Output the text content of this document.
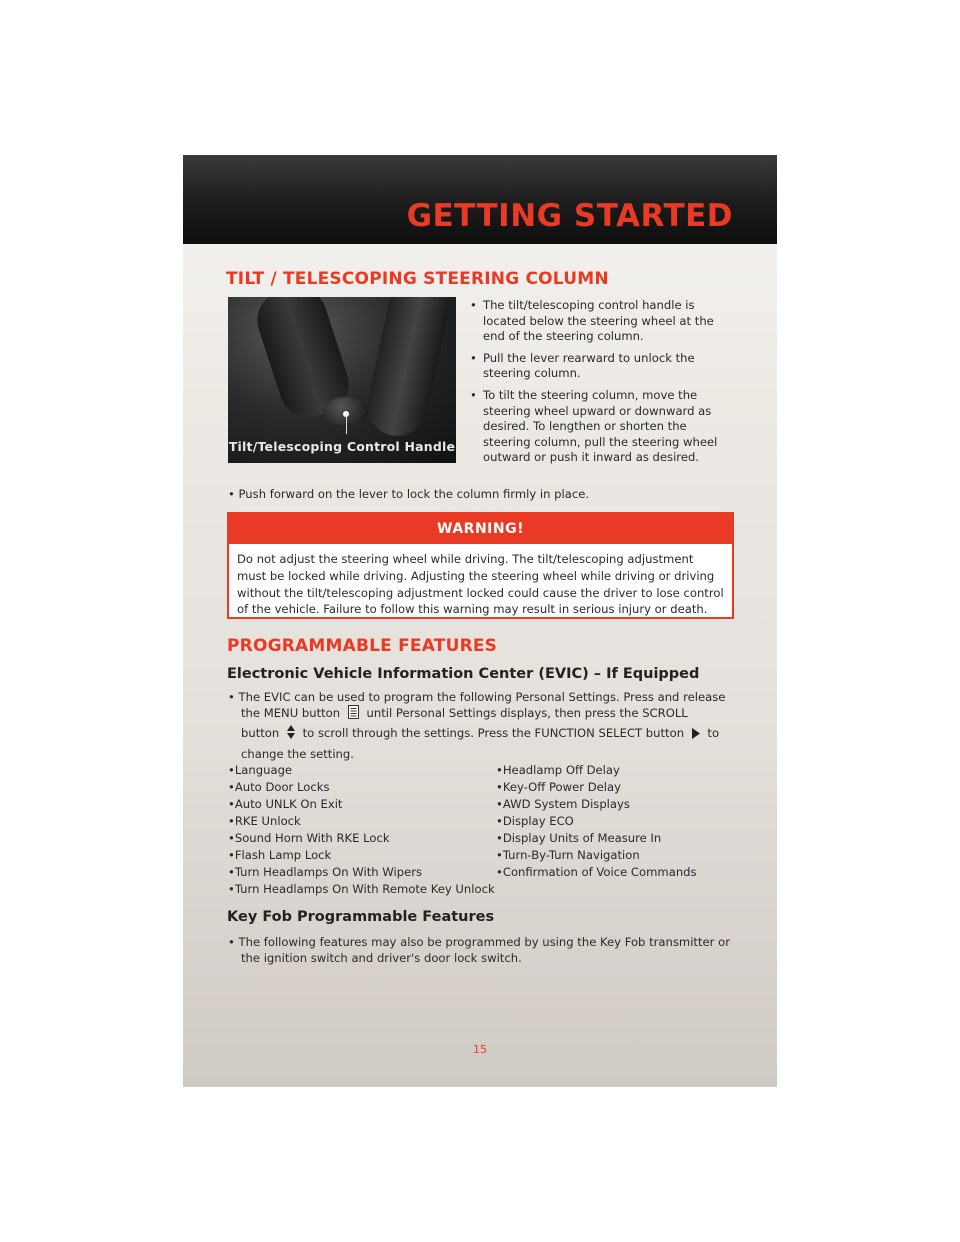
GETTING STARTED
TILT / TELESCOPING STEERING COLUMN
Tilt/Telescoping Control Handle
• The tilt/telescoping control handle is located below the steering wheel at the end of the steering column.
• Pull the lever rearward to unlock the steering column.
• To tilt the steering column, move the steering wheel upward or downward as desired. To lengthen or shorten the steering column, pull the steering wheel outward or push it inward as desired.
• Push forward on the lever to lock the column firmly in place.
WARNING!
Do not adjust the steering wheel while driving. The tilt/telescoping adjustment must be locked while driving. Adjusting the steering wheel while driving or driving without the tilt/telescoping adjustment locked could cause the driver to lose control of the vehicle. Failure to follow this warning may result in serious injury or death.
PROGRAMMABLE FEATURES
Electronic Vehicle Information Center (EVIC) – If Equipped
• The EVIC can be used to program the following Personal Settings. Press and release
the MENU button until Personal Settings displays, then press the SCROLL
button to scroll through the settings. Press the FUNCTION SELECT button to
change the setting.
• Language
• Auto Door Locks
• Auto UNLK On Exit
• RKE Unlock
• Sound Horn With RKE Lock
• Flash Lamp Lock
• Turn Headlamps On With Wipers
• Turn Headlamps On With Remote Key Unlock
• Headlamp Off Delay
• Key-Off Power Delay
• AWD System Displays
• Display ECO
• Display Units of Measure In
• Turn-By-Turn Navigation
• Confirmation of Voice Commands
Key Fob Programmable Features
• The following features may also be programmed by using the Key Fob transmitter or
the ignition switch and driver's door lock switch.
15
